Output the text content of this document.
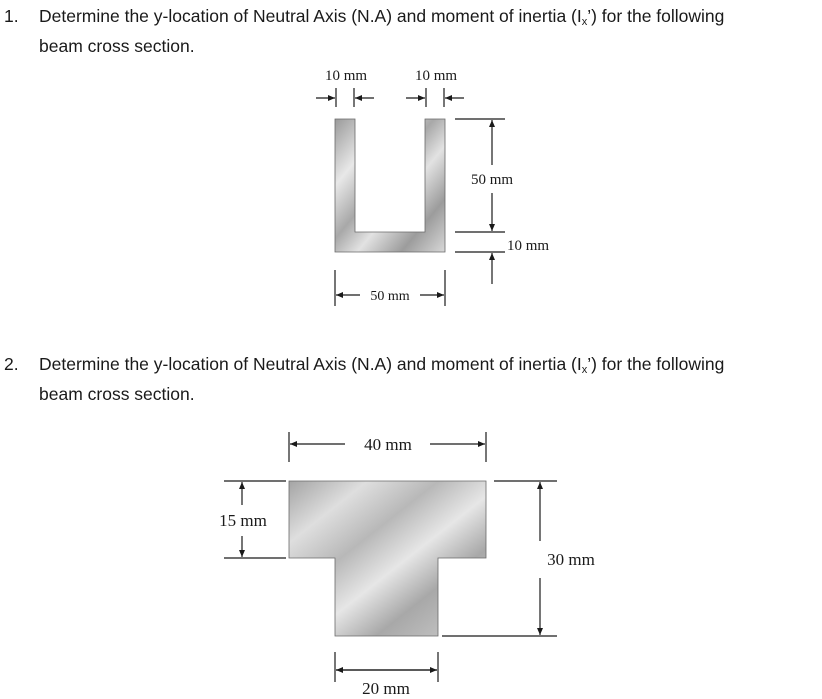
1. Determine the y-location of Neutral Axis (N.A) and moment of inertia $(I_x’)$ for the following
beam cross section.
2. Determine the y-location of Neutral Axis (N.A) and moment of inertia $(I_x’)$ for the following
beam cross section.
10 mm	10 mm
50 mm
10 mm
50 mm
40 mm
15 mm
30 mm
20 mm
